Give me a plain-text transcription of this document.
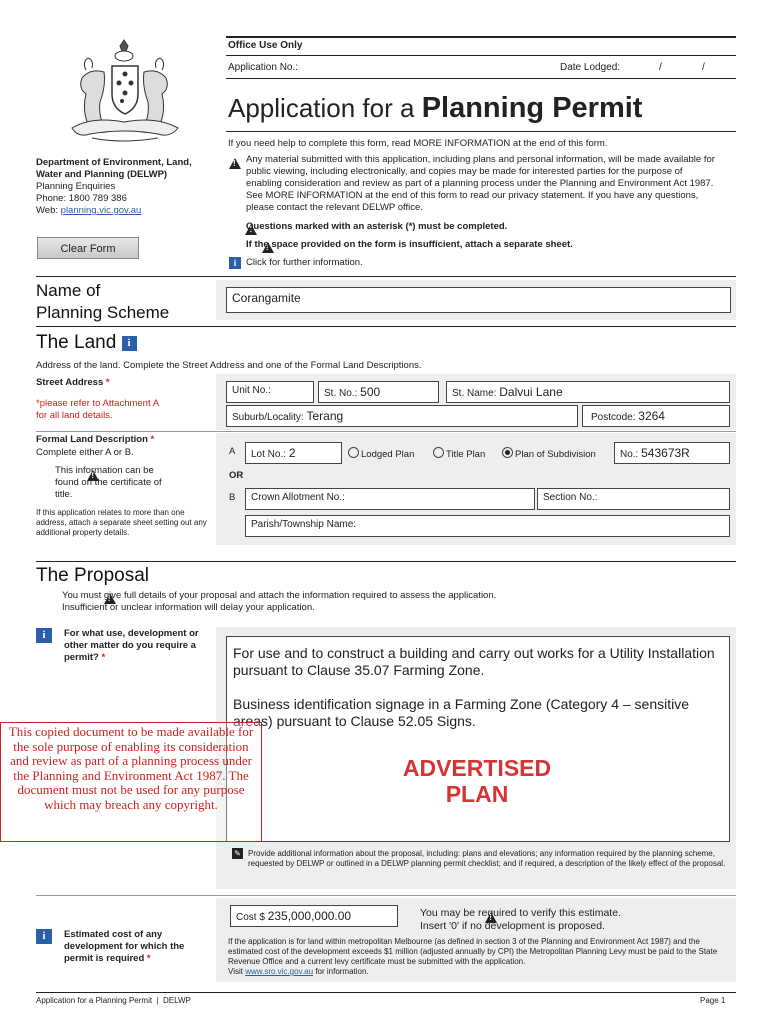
Office Use Only
Application No.:	Date Lodged:	/	/
Application for a Planning Permit
Department of Environment, Land, Water and Planning (DELWP)
Planning Enquiries
Phone: 1800 789 386
Web: planning.vic.gov.au
If you need help to complete this form, read MORE INFORMATION at the end of this form.
!
Any material submitted with this application, including plans and personal information, will be made available for public viewing, including electronically, and copies may be made for interested parties for the purpose of enabling consideration and review as part of a planning process under the Planning and Environment Act 1987. See MORE INFORMATION at the end of this form to read our privacy statement. If you have any questions, please contact the relevant DELWP office.
!
Questions marked with an asterisk (*) must be completed.
!
If the space provided on the form is insufficient, attach a separate sheet.
i	Click for further information.
Clear Form
Name of
Planning Scheme
Corangamite
The Land i
Address of the land. Complete the Street Address and one of the Formal Land Descriptions.
Street Address *
*please refer to Attachment A for all land details.
Unit No.:	St. No.: 500	St. Name: Dalvui Lane
Suburb/Locality: Terang	Postcode: 3264
Formal Land Description *
Complete either A or B.
!
This information can be found on the certificate of title.
If this application relates to more than one address, attach a separate sheet setting out any additional property details.
A	Lot No.: 2	Lodged Plan	Title Plan	Plan of Subdivision	No.: 543673R
OR
B	Crown Allotment No.:	Section No.:
Parish/Township Name:
The Proposal
!
You must give full details of your proposal and attach the information required to assess the application.
Insufficient or unclear information will delay your application.
i	For what use, development or other matter do you require a permit? *	For use and to construct a building and carry out works for a Utility Installation pursuant to Clause 35.07 Farming Zone.
Business identification signage in a Farming Zone (Category 4 – sensitive areas) pursuant to Clause 52.05 Signs.
ADVERTISED
PLAN
✎ Provide additional information about the proposal, including: plans and elevations; any information required by the planning scheme, requested by DELWP or outlined in a DELWP planning permit checklist; and if required, a description of the likely effect of the proposal.
This copied document to be made available for the sole purpose of enabling its consideration and review as part of a planning process under the Planning and Environment Act 1987. The document must not be used for any purpose which may breach any copyright.
i	Estimated cost of any development for which the permit is required *
Cost $ 235,000,000.00
!	You may be required to verify this estimate.
Insert '0' if no development is proposed.
If the application is for land within metropolitan Melbourne (as defined in section 3 of the Planning and Environment Act 1987) and the estimated cost of the development exceeds $1 million (adjusted annually by CPI) the Metropolitan Planning Levy must be paid to the State Revenue Office and a current levy certificate must be submitted with the application.
Visit www.sro.vic.gov.au for information.
Application for a Planning Permit  |  DELWP	Page 1
